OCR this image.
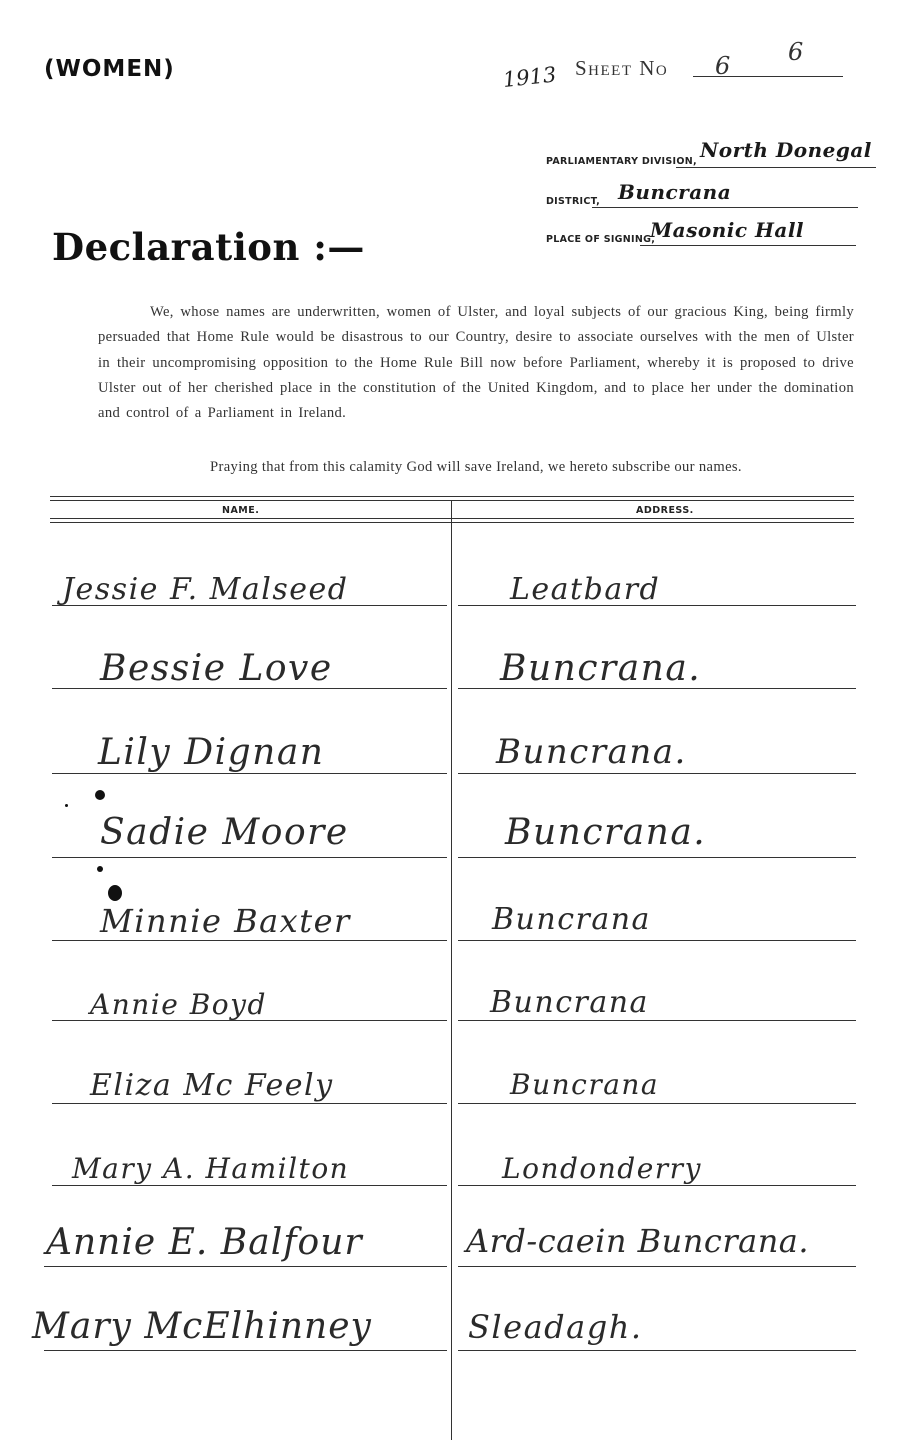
(WOMEN)	1913 Sheet No 6 6
PARLIAMENTARY DIVISION, North Donegal
DISTRICT, Buncrana
PLACE OF SIGNING,
Masonic Hall
Declaration :—
We, whose names are underwritten, women of Ulster, and loyal subjects of our gracious King, being firmly persuaded that Home Rule would be disastrous to our Country, desire to associate ourselves with the men of Ulster in their uncompromising opposition to the Home Rule Bill now before Parliament, whereby it is proposed to drive Ulster out of her cherished place in the constitution of the United Kingdom, and to place her under the domination and control of a Parliament in Ireland.
Praying that from this calamity God will save Ireland, we hereto subscribe our names.
NAME.	ADDRESS.
Jessie F. Malseed	Leatbard
Bessie Love	Buncrana.
Lily Dignan	Buncrana.
Sadie Moore	Buncrana.
Minnie Baxter	Buncrana
Annie Boyd	Buncrana
Eliza Mc Feely	Buncrana
Mary A. Hamilton	Londonderry
Annie E. Balfour	Ard-caein Buncrana.
Mary McElhinney	Sleadagh.
